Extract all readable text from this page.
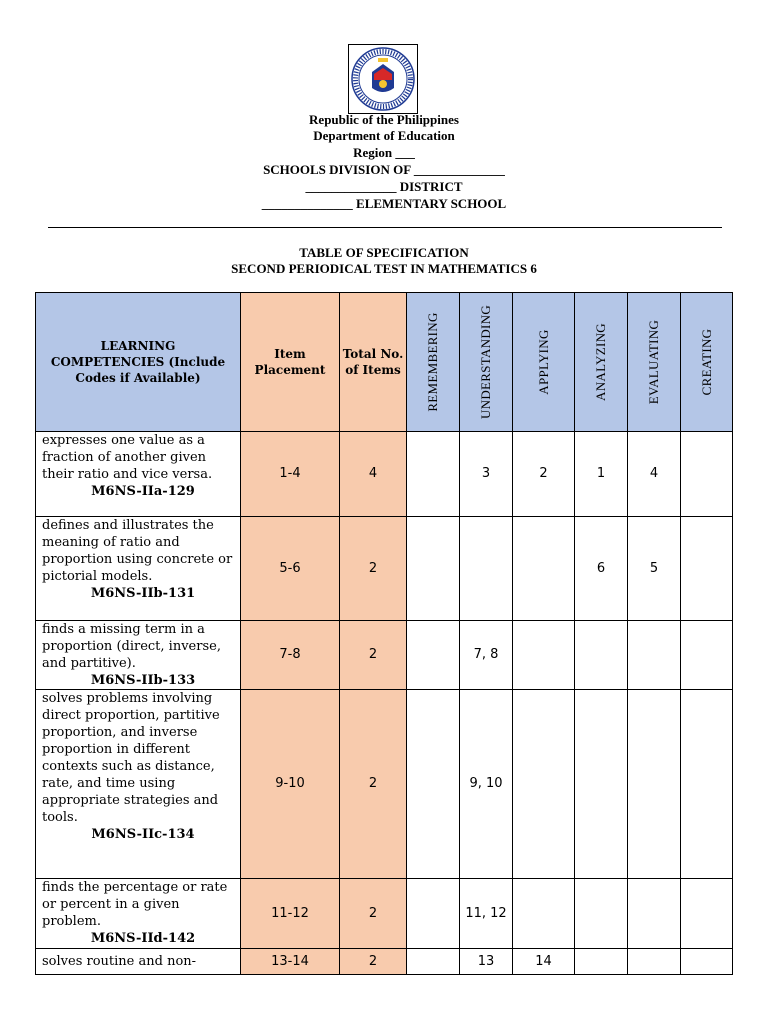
Republic of the Philippines
Department of Education
Region ___
SCHOOLS DIVISION OF ______________
______________ DISTRICT
______________ ELEMENTARY SCHOOL
TABLE OF SPECIFICATION
SECOND PERIODICAL TEST IN MATHEMATICS 6
LEARNING COMPETENCIES (Include Codes if Available)	Item Placement	Total No. of Items	REMEMBERING	UNDERSTANDING	APPLYING	ANALYZING	EVALUATING	CREATING

expresses one value as a fraction of another given their ratio and vice versa.
M6NS-IIa-129	1-4	4		3	2	1	4	
defines and illustrates the meaning of ratio and proportion using concrete or pictorial models.
M6NS-IIb-131	5-6	2				6	5	
finds a missing term in a proportion (direct, inverse, and partitive).
M6NS-IIb-133	7-8	2		7, 8				
solves problems involving direct proportion, partitive proportion, and inverse proportion in different contexts such as distance, rate, and time using appropriate strategies and tools.
M6NS-IIc-134	9-10	2		9, 10				
finds the percentage or rate or percent in a given problem.
M6NS-IId-142	11-12	2		11, 12				
solves routine and non-	13-14	2		13	14			
